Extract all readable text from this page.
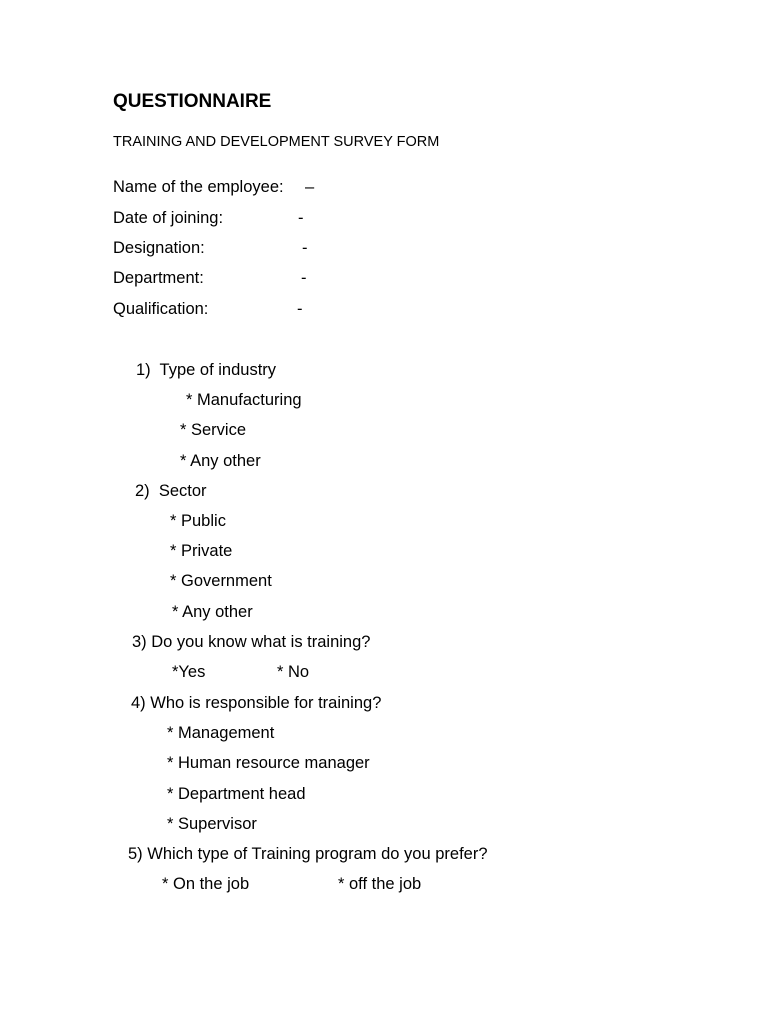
QUESTIONNAIRE
TRAINING AND DEVELOPMENT SURVEY FORM
Name of the employee: –
Date of joining:	-
Designation:	-
Department:	-
Qualification:	-
1)  Type of industry
* Manufacturing
* Service
* Any other
2)  Sector
* Public
* Private
* Government
* Any other
3) Do you know what is training?
*Yes	* No
4) Who is responsible for training?
* Management
* Human resource manager
* Department head
* Supervisor
5) Which type of Training program do you prefer?
* On the job	* off the job
